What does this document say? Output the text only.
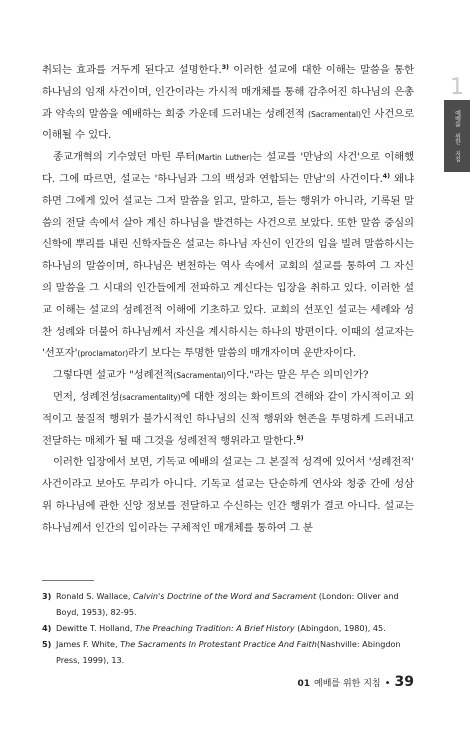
1
예배를 위한 지침

취되는 효과를 거두게 된다고 설명한다.$^{3)}$ 이러한 설교에 대한 이해는 말씀을 통한 하나님의 임재 사건이며, 인간이라는 가시적 매개체를 통해 감추어진 하나님의 은총과 약속의 말씀을 예배하는 회중 가운데 드러내는 성례전적 (Sacramental)인 사건으로 이해될 수 있다.

종교개혁의 기수였던 마틴 루터(Martin Luther)는 설교를 '만남의 사건'으로 이해했다. 그에 따르면, 설교는 '하나님과 그의 백성과 연합되는 만남'의 사건이다.$^{4)}$ 왜냐하면 그에게 있어 설교는 그저 말씀을 읽고, 말하고, 듣는 행위가 아니라, 기록된 말씀의 전달 속에서 살아 계신 하나님을 발견하는 사건으로 보았다. 또한 말씀 중심의 신학에 뿌리를 내린 신학자들은 설교는 하나님 자신이 인간의 입을 빌려 말씀하시는 하나님의 말씀이며, 하나님은 변천하는 역사 속에서 교회의 설교를 통하여 그 자신의 말씀을 그 시대의 인간들에게 전파하고 계신다는 입장을 취하고 있다. 이러한 설교 이해는 설교의 성례전적 이해에 기초하고 있다. 교회의 선포인 설교는 세례와 성찬 성례와 더불어 하나님께서 자신을 계시하시는 하나의 방편이다. 이때의 설교자는 '선포자'(proclamator)라기 보다는 투명한 말씀의 매개자이며 운반자이다.

그렇다면 설교가 "성례전적(Sacramental)이다."라는 말은 무슨 의미인가?

먼저, 성례전성(sacramentality)에 대한 정의는 화이트의 견해와 같이 가시적이고 외적이고 물질적 행위가 불가시적인 하나님의 신적 행위와 현존을 투명하게 드러내고 전달하는 매체가 될 때 그것을 성례전적 행위라고 말한다.$^{5)}$

이러한 입장에서 보면, 기독교 예배의 설교는 그 본질적 성격에 있어서 '성례전적' 사건이라고 보아도 무리가 아니다. 기독교 설교는 단순하게 연사와 청중 간에 성삼위 하나님에 관한 신앙 정보를 전달하고 수신하는 인간 행위가 결코 아니다. 설교는 하나님께서 인간의 입이라는 구체적인 매개체를 통하여 그 분

3) Ronald S. Wallace, Calvin's Doctrine of the Word and Sacrament (London: Oliver and Boyd, 1953), 82-95.
4) Dewitte T. Holland, The Preaching Tradition: A Brief History (Abingdon, 1980), 45.
5) James F. White, The Sacraments In Protestant Practice And Faith(Nashville: Abingdon Press, 1999), 13.
01 예배를 위한 지침 • 39
